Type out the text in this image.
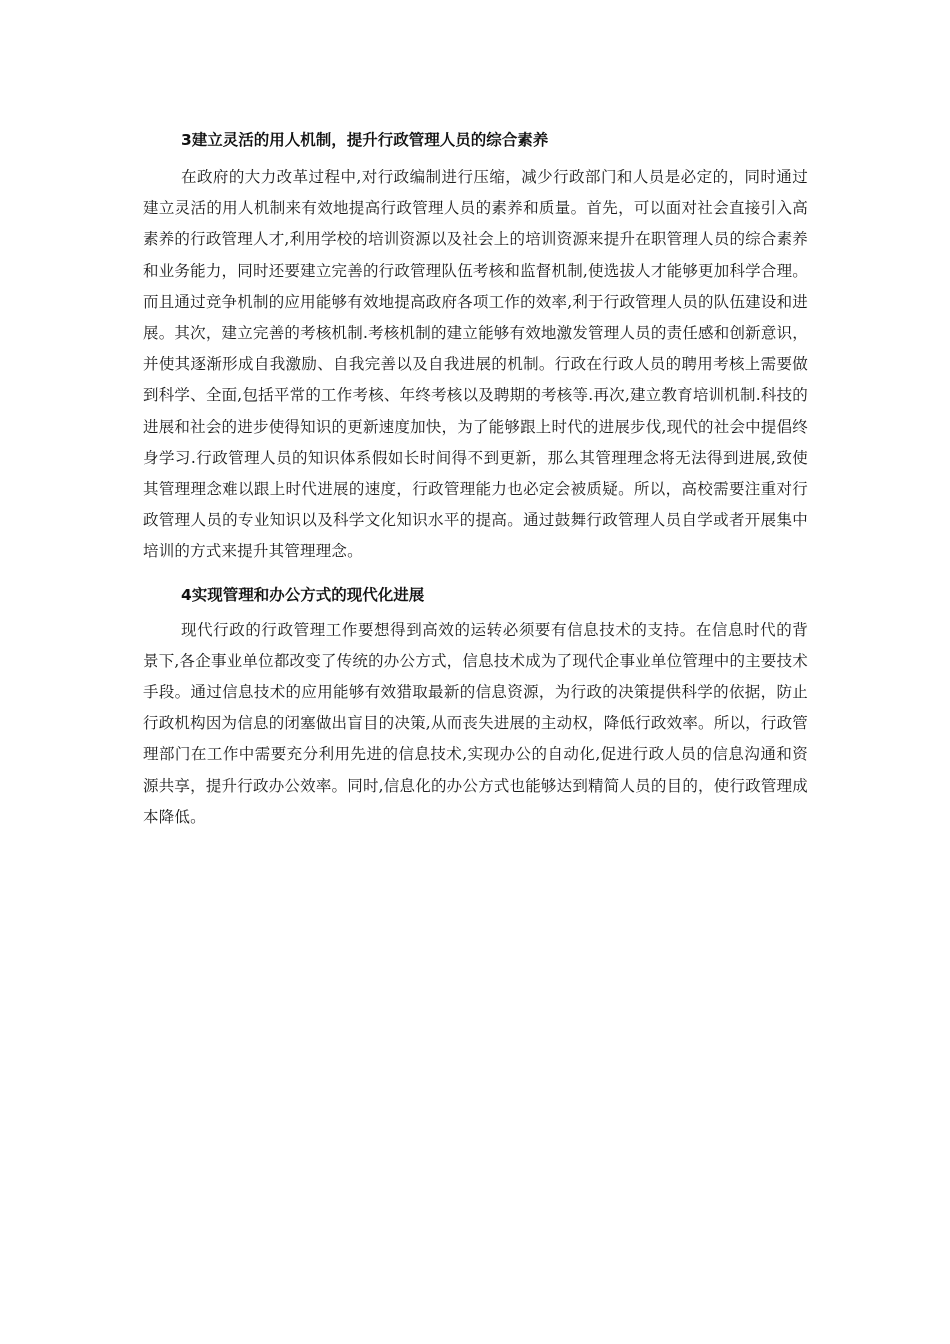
3建立灵活的用人机制，提升行政管理人员的综合素养

在政府的大力改革过程中,对行政编制进行压缩，减少行政部门和人员是必定的，同时通过建立灵活的用人机制来有效地提高行政管理人员的素养和质量。首先，可以面对社会直接引入高素养的行政管理人才,利用学校的培训资源以及社会上的培训资源来提升在职管理人员的综合素养和业务能力，同时还要建立完善的行政管理队伍考核和监督机制,使选拔人才能够更加科学合理。而且通过竞争机制的应用能够有效地提高政府各项工作的效率,利于行政管理人员的队伍建设和进展。其次，建立完善的考核机制.考核机制的建立能够有效地激发管理人员的责任感和创新意识，并使其逐渐形成自我激励、自我完善以及自我进展的机制。行政在行政人员的聘用考核上需要做到科学、全面,包括平常的工作考核、年终考核以及聘期的考核等.再次,建立教育培训机制.科技的进展和社会的进步使得知识的更新速度加快，为了能够跟上时代的进展步伐,现代的社会中提倡终身学习.行政管理人员的知识体系假如长时间得不到更新，那么其管理理念将无法得到进展,致使其管理理念难以跟上时代进展的速度，行政管理能力也必定会被质疑。所以，高校需要注重对行政管理人员的专业知识以及科学文化知识水平的提高。通过鼓舞行政管理人员自学或者开展集中培训的方式来提升其管理理念。

4实现管理和办公方式的现代化进展

现代行政的行政管理工作要想得到高效的运转必须要有信息技术的支持。在信息时代的背景下,各企事业单位都改变了传统的办公方式，信息技术成为了现代企事业单位管理中的主要技术手段。通过信息技术的应用能够有效猎取最新的信息资源，为行政的决策提供科学的依据，防止行政机构因为信息的闭塞做出盲目的决策,从而丧失进展的主动权，降低行政效率。所以，行政管理部门在工作中需要充分利用先进的信息技术,实现办公的自动化,促进行政人员的信息沟通和资源共享，提升行政办公效率。同时,信息化的办公方式也能够达到精简人员的目的，使行政管理成本降低。
